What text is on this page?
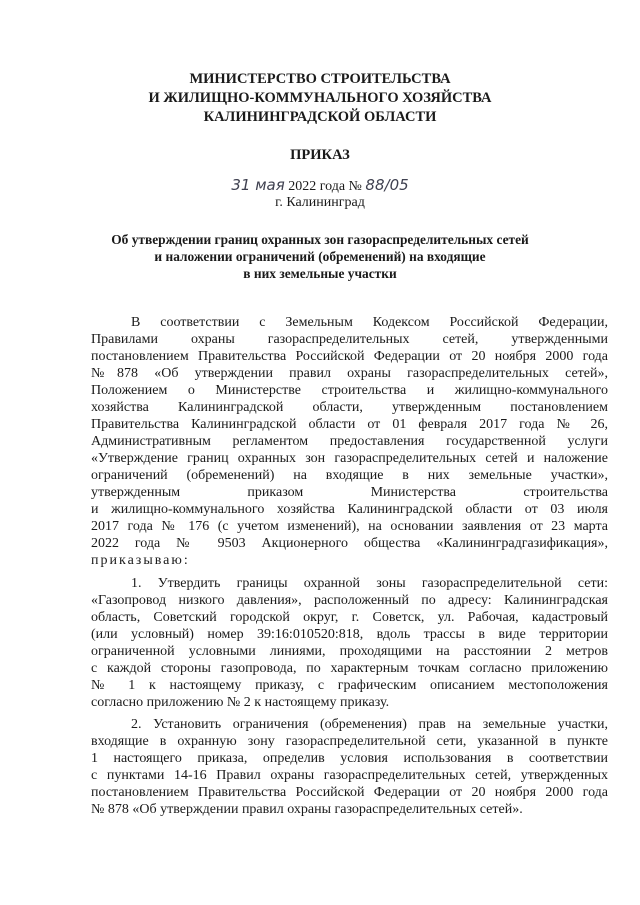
МИНИСТЕРСТВО СТРОИТЕЛЬСТВА
И ЖИЛИЩНО-КОММУНАЛЬНОГО ХОЗЯЙСТВА
КАЛИНИНГРАДСКОЙ ОБЛАСТИ
ПРИКАЗ
31 мая 2022 года № 88/05
г. Калининград
Об утверждении границ охранных зон газораспределительных сетей
и наложении ограничений (обременений) на входящие
в них земельные участки
В соответствии с Земельным Кодексом Российской Федерации,
Правилами охраны газораспределительных сетей, утвержденными
постановлением Правительства Российской Федерации от 20 ноября 2000 года
№878 «Об утверждении правил охраны газораспределительных сетей»,
Положением о Министерстве строительства и жилищно-коммунального
хозяйства Калининградской области, утвержденным постановлением
Правительства Калининградской области от 01 февраля 2017 года № 26,
Административным регламентом предоставления государственной услуги
«Утверждение границ охранных зон газораспределительных сетей и наложение
ограничений (обременений) на входящие в них земельные участки»,
утвержденным приказом Министерства строительства
и жилищно-коммунального хозяйства Калининградской области от 03 июля
2017 года № 176 (с учетом изменений), на основании заявления от 23 марта
2022 года № 9503 Акционерного общества «Калининградгазификация»,
приказываю:
1. Утвердить границы охранной зоны газораспределительной сети:
«Газопровод низкого давления», расположенный по адресу: Калининградская
область, Советский городской округ, г. Советск, ул. Рабочая, кадастровый
(или условный) номер 39:16:010520:818, вдоль трассы в виде территории
ограниченной условными линиями, проходящими на расстоянии 2 метров
с каждой стороны газопровода, по характерным точкам согласно приложению
№ 1 к настоящему приказу, с графическим описанием местоположения
согласно приложению № 2 к настоящему приказу.
2. Установить ограничения (обременения) прав на земельные участки,
входящие в охранную зону газораспределительной сети, указанной в пункте
1 настоящего приказа, определив условия использования в соответствии
с пунктами 14-16 Правил охраны газораспределительных сетей, утвержденных
постановлением Правительства Российской Федерации от 20 ноября 2000 года
№ 878 «Об утверждении правил охраны газораспределительных сетей».
